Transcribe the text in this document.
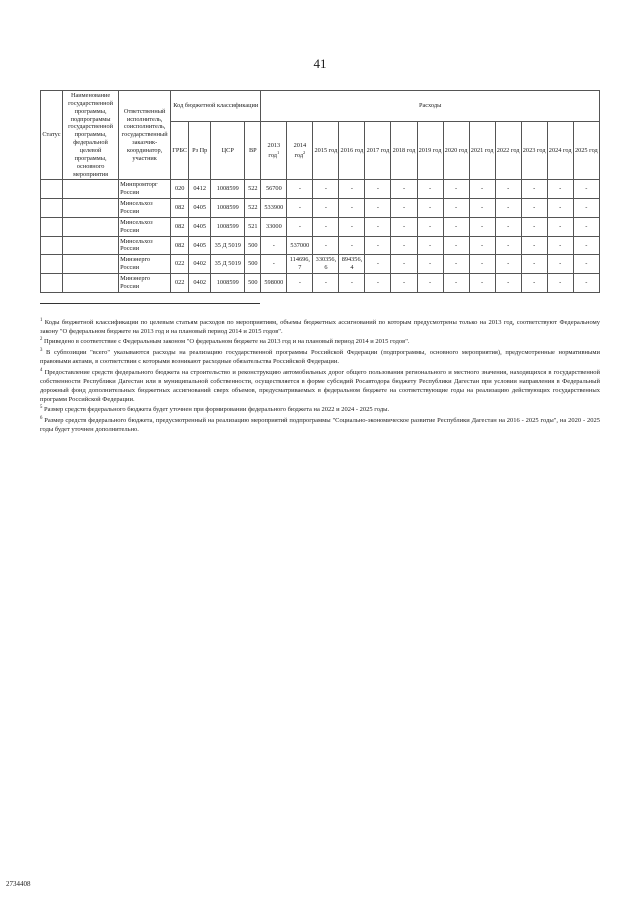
41
Статус	Наименование государственной программы, подпрограммы государственной программы, федеральной целевой программы, основного мероприятия	Ответственный исполнитель, соисполнитель, государственный заказчик-координатор, участник	Код бюджетной классификации				Расходы												
			ГРБС	Рз Пр	ЦСР	ВР	2013 год$^1$	2014 год$^2$	2015 год	2016 год	2017 год	2018 год	2019 год	2020 год	2021 год	2022 год	2023 год	2024 год	2025 год
		Минпромторг России	020	0412	1008599	522	56700	-	-	-	-	-	-	-	-	-	-	-	-
		Минсельхоз России	082	0405	1008599	522	533900	-	-	-	-	-	-	-	-	-	-	-	-
		Минсельхоз России	082	0405	1008599	521	33000	-	-	-	-	-	-	-	-	-	-	-	-
		Минсельхоз России	082	0405	35 Д 5019	500	-	537000	-	-	-	-	-	-	-	-	-	-	-
		Минэнерго России	022	0402	35 Д 5019	500	-	114696,7	330356,6	894356,4	-	-	-	-	-	-	-	-	-
		Минэнерго России	022	0402	1008599	500	598000	-	-	-	-	-	-	-	-	-	-	-	-

$^1$ Коды бюджетной классификации по целевым статьям расходов по мероприятиям, объемы бюджетных ассигнований по которым предусмотрены только на 2013 год, соответствуют Федеральному закону "О федеральном бюджете на 2013 год и на плановый период 2014 и 2015 годов".

$^2$ Приведено в соответствие с Федеральным законом "О федеральном бюджете на 2013 год и на плановый период 2014 и 2015 годов".

$^3$ В субпозиции "всего" указываются расходы на реализацию государственной программы Российской Федерации (подпрограммы, основного мероприятия), предусмотренные нормативными правовыми актами, в соответствии с которыми возникают расходные обязательства Российской Федерации.

$^4$ Предоставление средств федерального бюджета на строительство и реконструкцию автомобильных дорог общего пользования регионального и местного значения, находящихся в государственной собственности Республики Дагестан или в муниципальной собственности, осуществляется в форме субсидий Росавтодора бюджету Республики Дагестан при условии направления в Федеральный дорожный фонд дополнительных бюджетных ассигнований сверх объемов, предусматриваемых в федеральном бюджете на соответствующие годы на реализацию действующих государственных программ Российской Федерации.

$^5$ Размер средств федерального бюджета будет уточнен при формировании федерального бюджета на 2022 и 2024 - 2025 годы.

$^6$ Размер средств федерального бюджета, предусмотренный на реализацию мероприятий подпрограммы "Социально-экономическое развитие Республики Дагестан на 2016 - 2025 годы", на 2020 - 2025 годы будет уточнен дополнительно.

2734408
